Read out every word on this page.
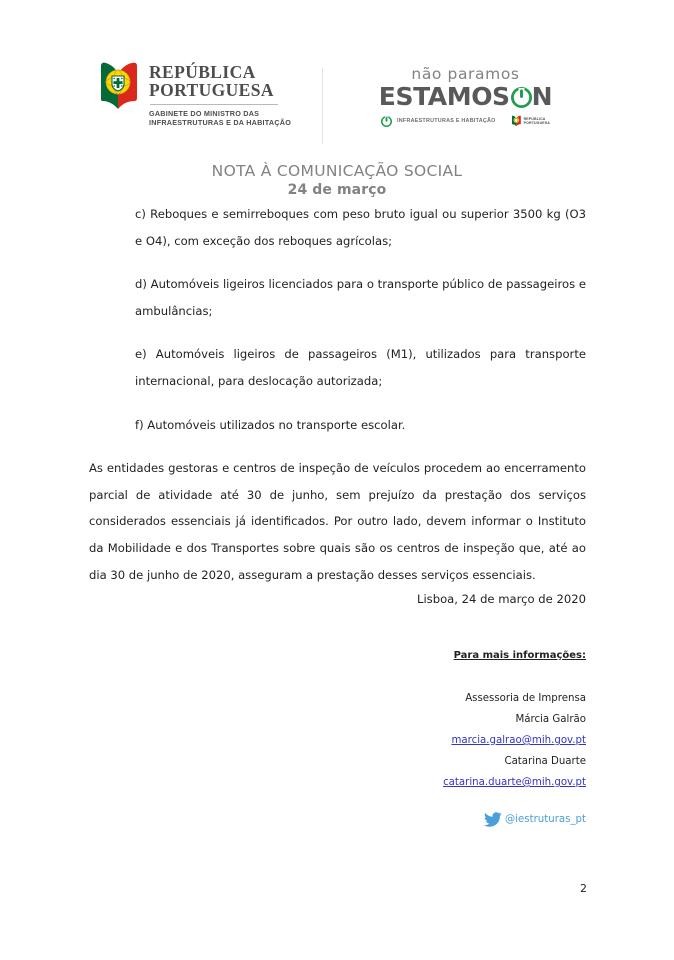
REPÚBLICA
PORTUGUESA
GABINETE DO MINISTRO DAS
INFRAESTRUTURAS E DA HABITAÇÃO
não paramos
ESTAMOS N
INFRAESTRUTURAS E HABITAÇÃO	REPÚBLICA
PORTUGUESA
NOTA À COMUNICAÇÃO SOCIAL
24 de março

c) Reboques e semirreboques com peso bruto igual ou superior 3500 kg (O3 e O4), com exceção dos reboques agrícolas;

d) Automóveis ligeiros licenciados para o transporte público de passageiros e ambulâncias;

e) Automóveis ligeiros de passageiros (M1), utilizados para transporte internacional, para deslocação autorizada;

f) Automóveis utilizados no transporte escolar.

As entidades gestoras e centros de inspeção de veículos procedem ao encerramento parcial de atividade até 30 de junho, sem prejuízo da prestação dos serviços considerados essenciais já identificados. Por outro lado, devem informar o Instituto da Mobilidade e dos Transportes sobre quais são os centros de inspeção que, até ao dia 30 de junho de 2020, asseguram a prestação desses serviços essenciais.

Lisboa, 24 de março de 2020
Para mais informações:
Assessoria de Imprensa
Márcia Galrão
marcia.galrao@mih.gov.pt
Catarina Duarte
catarina.duarte@mih.gov.pt
@iestruturas_pt
2
